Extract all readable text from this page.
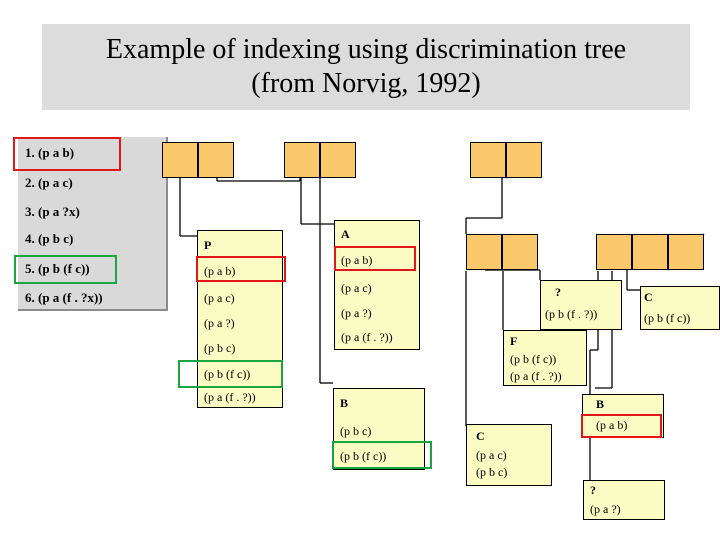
Example of indexing using discrimination tree
(from Norvig, 1992)
1. (p a b)
2. (p a c)
3. (p a ?x)
4. (p b c)
5. (p b (f c))
6. (p a (f . ?x))
P
(p a b)
(p a c)
(p a ?)
(p b c)
(p b (f c))
(p a (f . ?))
A
(p a b)
(p a c)
(p a ?)
(p a (f . ?))
B
(p b c)
(p b (f c))
?
(p b (f . ?))
C
(p b (f c))
F
(p b (f c))
(p a (f . ?))
B
(p a b)
C
(p a c)
(p b c)
?
(p a ?)
